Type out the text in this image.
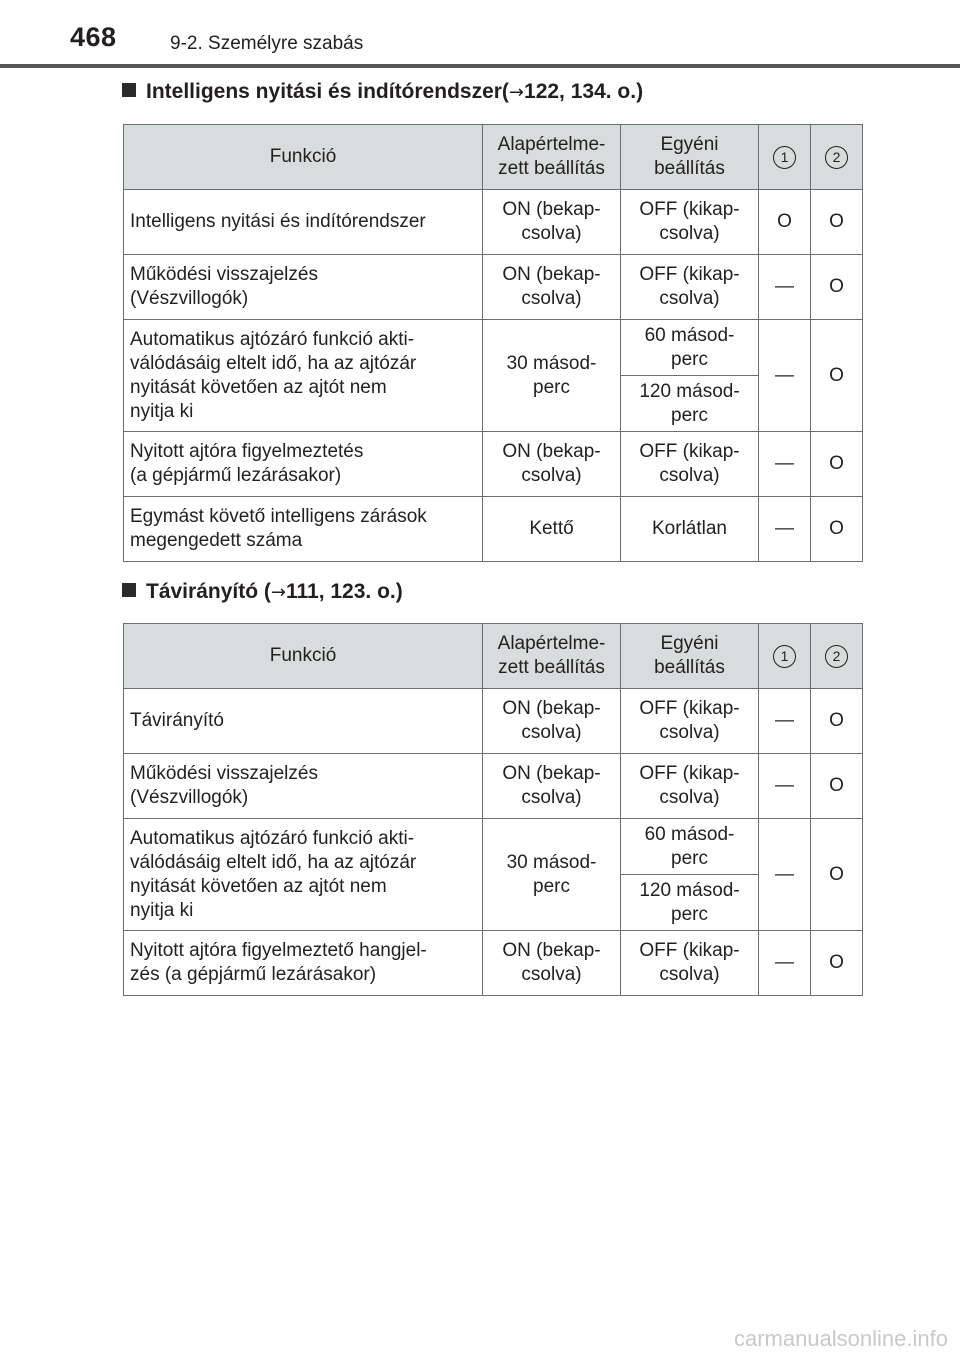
468	9-2. Személyre szabás
Intelligens nyitási és indítórendszer(→122, 134. o.)
Funkció	Alapértelme-
zett beállítás	Egyéni
beállítás	1	2
Intelligens nyitási és indítórendszer	ON (bekap-
csolva)	OFF (kikap-
csolva)	O	O
Működési visszajelzés
(Vészvillogók)	ON (bekap-
csolva)	OFF (kikap-
csolva)	—	O
Automatikus ajtózáró funkció akti-
válódásáig eltelt idő, ha az ajtózár
nyitását követően az ajtót nem
nyitja ki	30 másod-
perc	60 másod-
perc	—	O
		120 másod-
perc		
Nyitott ajtóra figyelmeztetés
(a gépjármű lezárásakor)	ON (bekap-
csolva)	OFF (kikap-
csolva)	—	O
Egymást követő intelligens zárások
megengedett száma	Kettő	Korlátlan	—	O
Távirányító (→111, 123. o.)
Funkció	Alapértelme-
zett beállítás	Egyéni
beállítás	1	2
Távirányító	ON (bekap-
csolva)	OFF (kikap-
csolva)	—	O
Működési visszajelzés
(Vészvillogók)	ON (bekap-
csolva)	OFF (kikap-
csolva)	—	O
Automatikus ajtózáró funkció akti-
válódásáig eltelt idő, ha az ajtózár
nyitását követően az ajtót nem
nyitja ki	30 másod-
perc	60 másod-
perc	—	O
		120 másod-
perc		
Nyitott ajtóra figyelmeztető hangjel-
zés (a gépjármű lezárásakor)	ON (bekap-
csolva)	OFF (kikap-
csolva)	—	O
carmanualsonline.info
